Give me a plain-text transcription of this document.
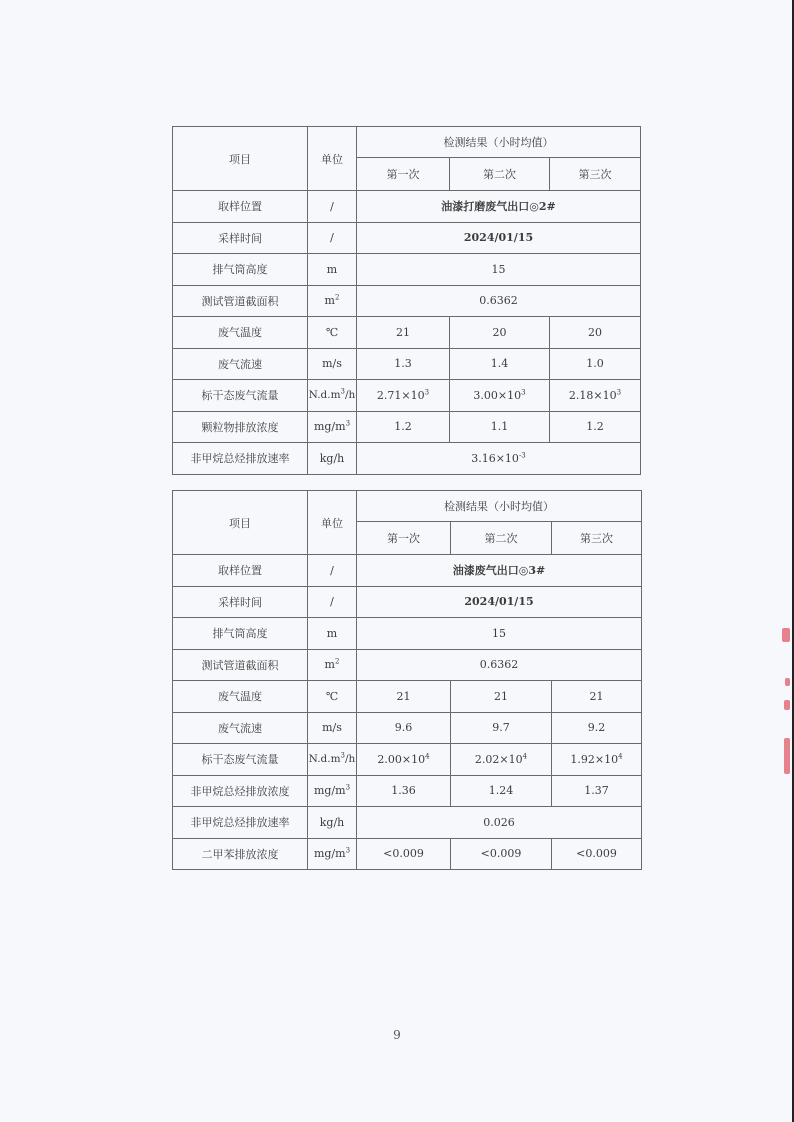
项目	单位	检测结果（小时均值）		
		第一次	第二次	第三次
取样位置	/	油漆打磨废气出口◎2#		
采样时间	/	2024/01/15		
排气筒高度	m	15		
测试管道截面积	$m^2$	0.6362		
废气温度	℃	21	20	20
废气流速	m/s	1.3	1.4	1.0
标干态废气流量	$N.d.m^3/h$	$2.71\times 10^3$	$3.00\times 10^3$	$2.18\times 10^3$
颗粒物排放浓度	$mg/m^3$	1.2	1.1	1.2
非甲烷总烃排放速率	kg/h	$3.16\times 10^{-3}$
项目	单位	检测结果（小时均值）		
		第一次	第二次	第三次
取样位置	/	油漆废气出口◎3#		
采样时间	/	2024/01/15		
排气筒高度	m	15		
测试管道截面积	$m^2$	0.6362		
废气温度	℃	21	21	21
废气流速	m/s	9.6	9.7	9.2
标干态废气流量	$N.d.m^3/h$	$2.00\times 10^4$	$2.02\times 10^4$	$1.92\times 10^4$
非甲烷总烃排放浓度	$mg/m^3$	1.36	1.24	1.37
非甲烷总烃排放速率	kg/h	0.026		
二甲苯排放浓度	$mg/m^3$	<0.009	<0.009	<0.009
9
